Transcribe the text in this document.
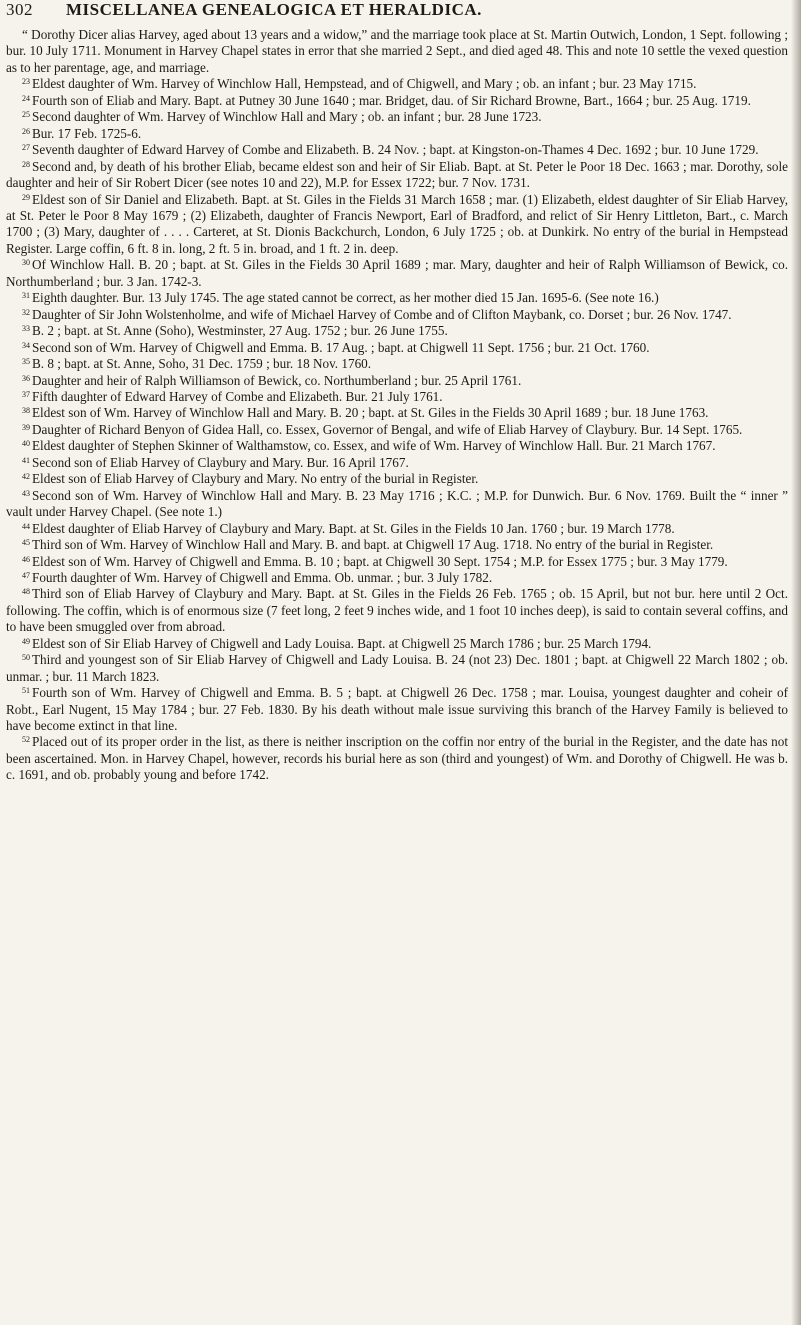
302 MISCELLANEA GENEALOGICA ET HERALDICA.

“ Dorothy Dicer alias Harvey, aged about 13 years and a widow,” and the marriage took place at St. Martin Outwich, London, 1 Sept. following ; bur. 10 July 1711. Monument in Harvey Chapel states in error that she married 2 Sept., and died aged 48. This and note 10 settle the vexed question as to her parentage, age, and marriage.

$^{23}$ Eldest daughter of Wm. Harvey of Winchlow Hall, Hempstead, and of Chigwell, and Mary ; ob. an infant ; bur. 23 May 1715.

$^{24}$ Fourth son of Eliab and Mary. Bapt. at Putney 30 June 1640 ; mar. Bridget, dau. of Sir Richard Browne, Bart., 1664 ; bur. 25 Aug. 1719.

$^{25}$ Second daughter of Wm. Harvey of Winchlow Hall and Mary ; ob. an infant ; bur. 28 June 1723.

$^{26}$ Bur. 17 Feb. 1725-6.

$^{27}$ Seventh daughter of Edward Harvey of Combe and Elizabeth. B. 24 Nov. ; bapt. at Kingston-on-Thames 4 Dec. 1692 ; bur. 10 June 1729.

$^{28}$ Second and, by death of his brother Eliab, became eldest son and heir of Sir Eliab. Bapt. at St. Peter le Poor 18 Dec. 1663 ; mar. Dorothy, sole daughter and heir of Sir Robert Dicer (see notes 10 and 22), M.P. for Essex 1722; bur. 7 Nov. 1731.

$^{29}$ Eldest son of Sir Daniel and Elizabeth. Bapt. at St. Giles in the Fields 31 March 1658 ; mar. (1) Elizabeth, eldest daughter of Sir Eliab Harvey, at St. Peter le Poor 8 May 1679 ; (2) Elizabeth, daughter of Francis Newport, Earl of Bradford, and relict of Sir Henry Littleton, Bart., c. March 1700 ; (3) Mary, daughter of . . . . Carteret, at St. Dionis Backchurch, London, 6 July 1725 ; ob. at Dunkirk. No entry of the burial in Hempstead Register. Large coffin, 6 ft. 8 in. long, 2 ft. 5 in. broad, and 1 ft. 2 in. deep.

$^{30}$ Of Winchlow Hall. B. 20 ; bapt. at St. Giles in the Fields 30 April 1689 ; mar. Mary, daughter and heir of Ralph Williamson of Bewick, co. Northumberland ; bur. 3 Jan. 1742-3.

$^{31}$ Eighth daughter. Bur. 13 July 1745. The age stated cannot be correct, as her mother died 15 Jan. 1695-6. (See note 16.)

$^{32}$ Daughter of Sir John Wolstenholme, and wife of Michael Harvey of Combe and of Clifton Maybank, co. Dorset ; bur. 26 Nov. 1747.

$^{33}$ B. 2 ; bapt. at St. Anne (Soho), Westminster, 27 Aug. 1752 ; bur. 26 June 1755.

$^{34}$ Second son of Wm. Harvey of Chigwell and Emma. B. 17 Aug. ; bapt. at Chigwell 11 Sept. 1756 ; bur. 21 Oct. 1760.

$^{35}$ B. 8 ; bapt. at St. Anne, Soho, 31 Dec. 1759 ; bur. 18 Nov. 1760.

$^{36}$ Daughter and heir of Ralph Williamson of Bewick, co. Northumberland ; bur. 25 April 1761.

$^{37}$ Fifth daughter of Edward Harvey of Combe and Elizabeth. Bur. 21 July 1761.

$^{38}$ Eldest son of Wm. Harvey of Winchlow Hall and Mary. B. 20 ; bapt. at St. Giles in the Fields 30 April 1689 ; bur. 18 June 1763.

$^{39}$ Daughter of Richard Benyon of Gidea Hall, co. Essex, Governor of Bengal, and wife of Eliab Harvey of Claybury. Bur. 14 Sept. 1765.

$^{40}$ Eldest daughter of Stephen Skinner of Walthamstow, co. Essex, and wife of Wm. Harvey of Winchlow Hall. Bur. 21 March 1767.

$^{41}$ Second son of Eliab Harvey of Claybury and Mary. Bur. 16 April 1767.

$^{42}$ Eldest son of Eliab Harvey of Claybury and Mary. No entry of the burial in Register.

$^{43}$ Second son of Wm. Harvey of Winchlow Hall and Mary. B. 23 May 1716 ; K.C. ; M.P. for Dunwich. Bur. 6 Nov. 1769. Built the “ inner ” vault under Harvey Chapel. (See note 1.)

$^{44}$ Eldest daughter of Eliab Harvey of Claybury and Mary. Bapt. at St. Giles in the Fields 10 Jan. 1760 ; bur. 19 March 1778.

$^{45}$ Third son of Wm. Harvey of Winchlow Hall and Mary. B. and bapt. at Chigwell 17 Aug. 1718. No entry of the burial in Register.

$^{46}$ Eldest son of Wm. Harvey of Chigwell and Emma. B. 10 ; bapt. at Chigwell 30 Sept. 1754 ; M.P. for Essex 1775 ; bur. 3 May 1779.

$^{47}$ Fourth daughter of Wm. Harvey of Chigwell and Emma. Ob. unmar. ; bur. 3 July 1782.

$^{48}$ Third son of Eliab Harvey of Claybury and Mary. Bapt. at St. Giles in the Fields 26 Feb. 1765 ; ob. 15 April, but not bur. here until 2 Oct. following. The coffin, which is of enormous size (7 feet long, 2 feet 9 inches wide, and 1 foot 10 inches deep), is said to contain several coffins, and to have been smuggled over from abroad.

$^{49}$ Eldest son of Sir Eliab Harvey of Chigwell and Lady Louisa. Bapt. at Chigwell 25 March 1786 ; bur. 25 March 1794.

$^{50}$ Third and youngest son of Sir Eliab Harvey of Chigwell and Lady Louisa. B. 24 (not 23) Dec. 1801 ; bapt. at Chigwell 22 March 1802 ; ob. unmar. ; bur. 11 March 1823.

$^{51}$ Fourth son of Wm. Harvey of Chigwell and Emma. B. 5 ; bapt. at Chigwell 26 Dec. 1758 ; mar. Louisa, youngest daughter and coheir of Robt., Earl Nugent, 15 May 1784 ; bur. 27 Feb. 1830. By his death without male issue surviving this branch of the Harvey Family is believed to have become extinct in that line.

$^{52}$ Placed out of its proper order in the list, as there is neither inscription on the coffin nor entry of the burial in the Register, and the date has not been ascertained. Mon. in Harvey Chapel, however, records his burial here as son (third and youngest) of Wm. and Dorothy of Chigwell. He was b. c. 1691, and ob. probably young and before 1742.
